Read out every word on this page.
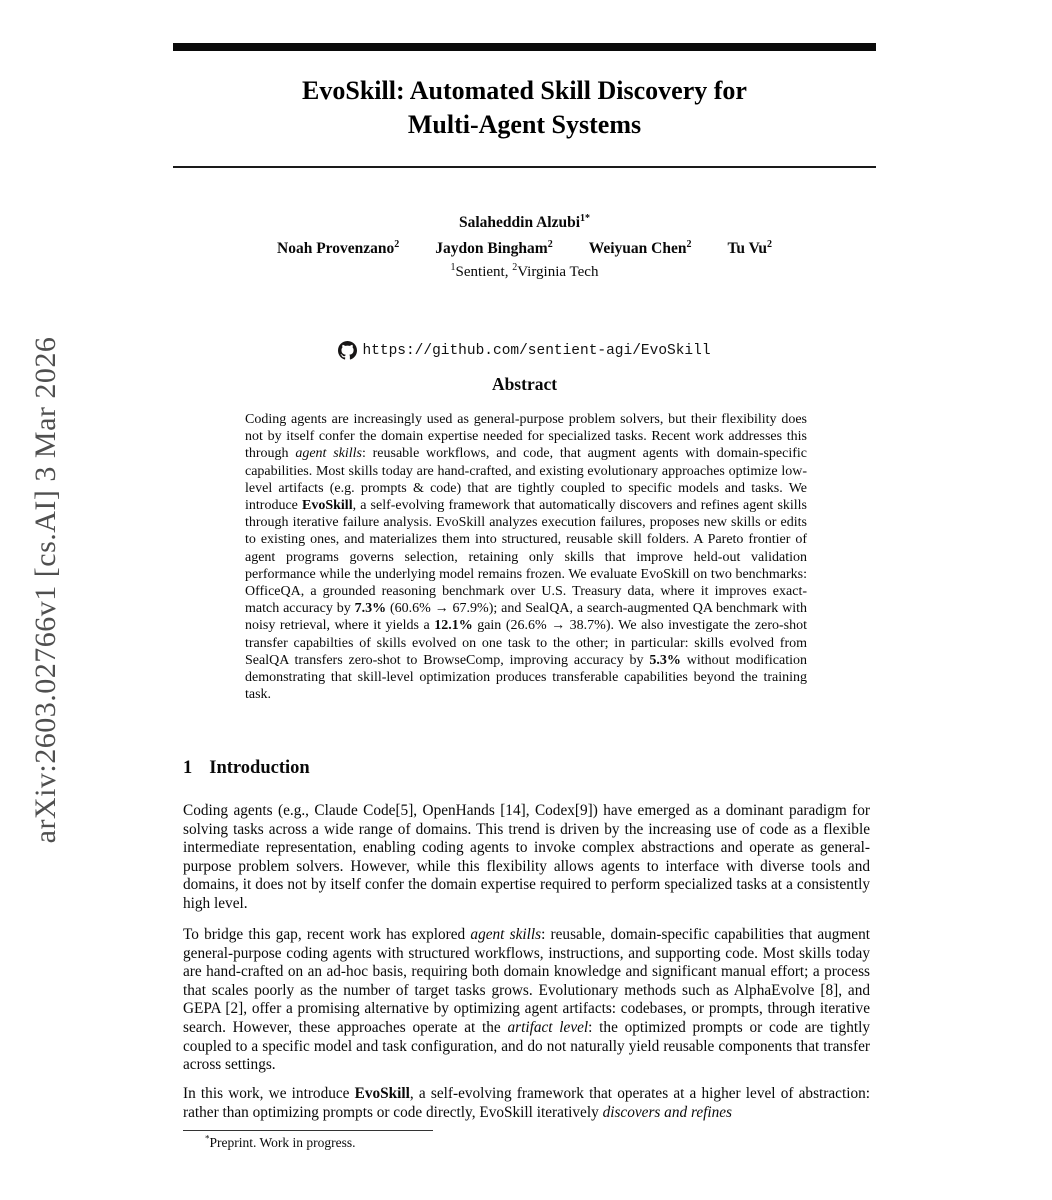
arXiv:2603.02766v1 [cs.AI] 3 Mar 2026
EvoSkill: Automated Skill Discovery for
Multi-Agent Systems
Salaheddin Alzubi$^{1*}$
Noah Provenzano$^2$ Jaydon Bingham$^2$ Weiyuan Chen$^2$ Tu Vu$^2$
$^1$Sentient, $^2$Virginia Tech
https://github.com/sentient-agi/EvoSkill
Abstract
Coding agents are increasingly used as general-purpose problem solvers, but their flexibility does not by itself confer the domain expertise needed for specialized tasks. Recent work addresses this through agent skills: reusable workflows, and code, that augment agents with domain-specific capabilities. Most skills today are hand-crafted, and existing evolutionary approaches optimize low-level artifacts (e.g. prompts & code) that are tightly coupled to specific models and tasks. We introduce EvoSkill, a self-evolving framework that automatically discovers and refines agent skills through iterative failure analysis. EvoSkill analyzes execution failures, proposes new skills or edits to existing ones, and materializes them into structured, reusable skill folders. A Pareto frontier of agent programs governs selection, retaining only skills that improve held-out validation performance while the underlying model remains frozen. We evaluate EvoSkill on two benchmarks: OfficeQA, a grounded reasoning benchmark over U.S. Treasury data, where it improves exact-match accuracy by 7.3% (60.6% → 67.9%); and SealQA, a search-augmented QA benchmark with noisy retrieval, where it yields a 12.1% gain (26.6% → 38.7%). We also investigate the zero-shot transfer capabilties of skills evolved on one task to the other; in particular: skills evolved from SealQA transfers zero-shot to BrowseComp, improving accuracy by 5.3% without modification demonstrating that skill-level optimization produces transferable capabilities beyond the training task.
1 Introduction
Coding agents (e.g., Claude Code[5], OpenHands [14], Codex[9]) have emerged as a dominant paradigm for solving tasks across a wide range of domains. This trend is driven by the increasing use of code as a flexible intermediate representation, enabling coding agents to invoke complex abstractions and operate as general-purpose problem solvers. However, while this flexibility allows agents to interface with diverse tools and domains, it does not by itself confer the domain expertise required to perform specialized tasks at a consistently high level.
To bridge this gap, recent work has explored agent skills: reusable, domain-specific capabilities that augment general-purpose coding agents with structured workflows, instructions, and supporting code. Most skills today are hand-crafted on an ad-hoc basis, requiring both domain knowledge and significant manual effort; a process that scales poorly as the number of target tasks grows. Evolutionary methods such as AlphaEvolve [8], and GEPA [2], offer a promising alternative by optimizing agent artifacts: codebases, or prompts, through iterative search. However, these approaches operate at the artifact level: the optimized prompts or code are tightly coupled to a specific model and task configuration, and do not naturally yield reusable components that transfer across settings.
In this work, we introduce EvoSkill, a self-evolving framework that operates at a higher level of abstraction: rather than optimizing prompts or code directly, EvoSkill iteratively discovers and refines
*Preprint. Work in progress.
